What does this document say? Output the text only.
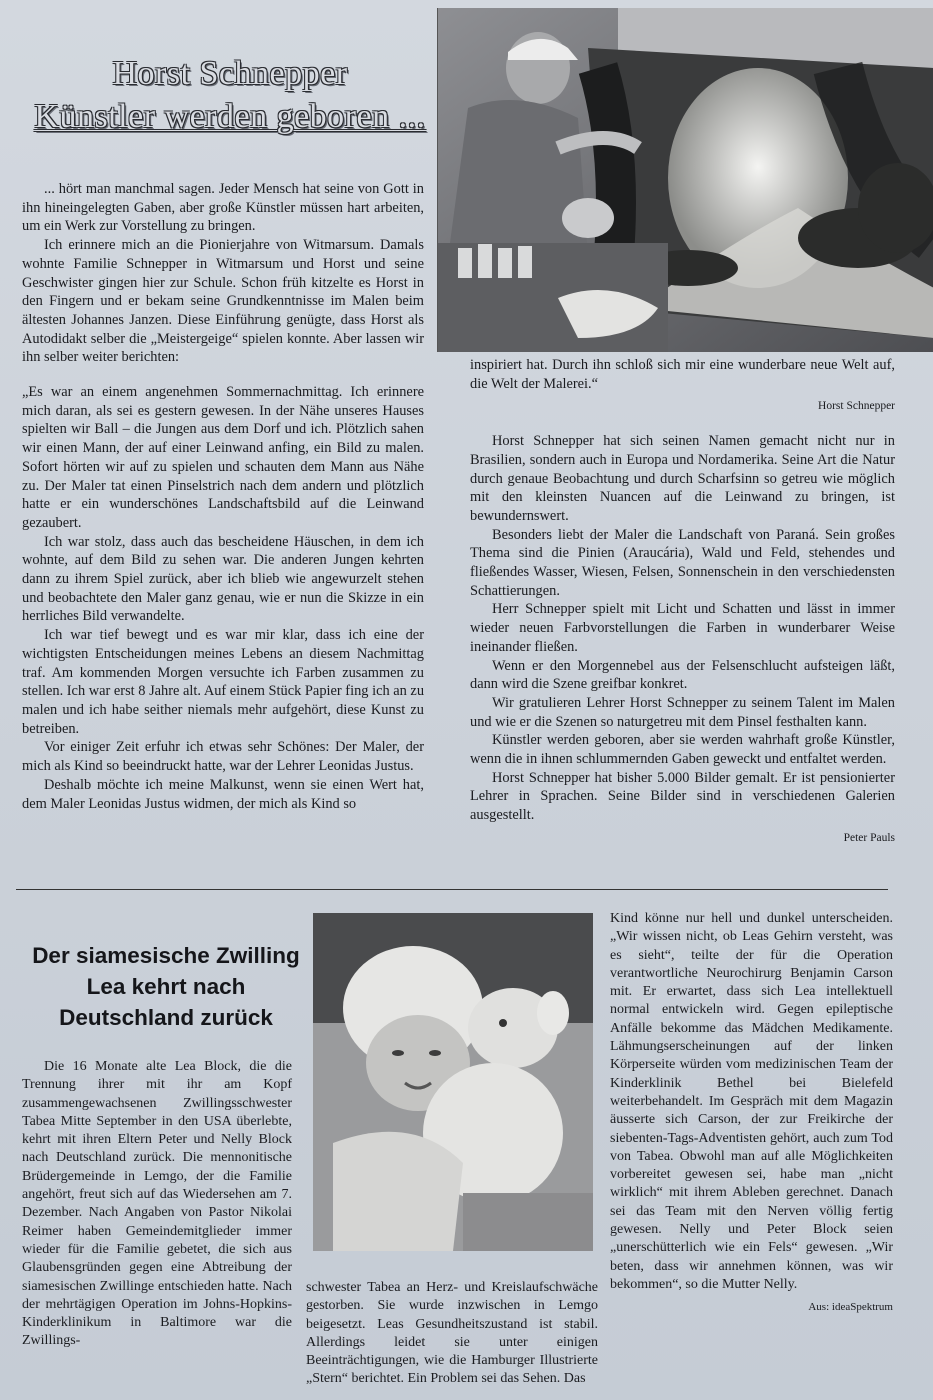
Horst Schnepper
Künstler werden geboren ...

... hört man manchmal sagen. Jeder Mensch hat seine von Gott in ihn hineingelegten Gaben, aber große Künstler müssen hart arbeiten, um ein Werk zur Vorstellung zu bringen.

Ich erinnere mich an die Pionierjahre von Witmarsum. Damals wohnte Familie Schnepper in Witmarsum und Horst und seine Geschwister gingen hier zur Schule. Schon früh kitzelte es Horst in den Fingern und er bekam seine Grundkenntnisse im Malen beim ältesten Johannes Janzen. Diese Einführung genügte, dass Horst als Autodidakt selber die „Meistergeige“ spielen konnte. Aber lassen wir ihn selber weiter berichten:

„Es war an einem angenehmen Sommernachmittag. Ich erinnere mich daran, als sei es gestern gewesen. In der Nähe unseres Hauses spielten wir Ball – die Jungen aus dem Dorf und ich. Plötzlich sahen wir einen Mann, der auf einer Leinwand anfing, ein Bild zu malen. Sofort hörten wir auf zu spielen und schauten dem Mann aus Nähe zu. Der Maler tat einen Pinselstrich nach dem andern und plötzlich hatte er ein wunderschönes Landschaftsbild auf die Leinwand gezaubert.

Ich war stolz, dass auch das bescheidene Häuschen, in dem ich wohnte, auf dem Bild zu sehen war. Die anderen Jungen kehrten dann zu ihrem Spiel zurück, aber ich blieb wie angewurzelt stehen und beobachtete den Maler ganz genau, wie er nun die Skizze in ein herrliches Bild verwandelte.

Ich war tief bewegt und es war mir klar, dass ich eine der wichtigsten Entscheidungen meines Lebens an diesem Nachmittag traf. Am kommenden Morgen versuchte ich Farben zusammen zu stellen. Ich war erst 8 Jahre alt. Auf einem Stück Papier fing ich an zu malen und ich habe seither niemals mehr aufgehört, diese Kunst zu betreiben.

Vor einiger Zeit erfuhr ich etwas sehr Schönes: Der Maler, der mich als Kind so beeindruckt hatte, war der Lehrer Leonidas Justus.

Deshalb möchte ich meine Malkunst, wenn sie einen Wert hat, dem Maler Leonidas Justus widmen, der mich als Kind so

inspiriert hat. Durch ihn schloß sich mir eine wunderbare neue Welt auf, die Welt der Malerei.“

Horst Schnepper

Horst Schnepper hat sich seinen Namen gemacht nicht nur in Brasilien, sondern auch in Europa und Nordamerika. Seine Art die Natur durch genaue Beobachtung und durch Scharfsinn so getreu wie möglich mit den kleinsten Nuancen auf die Leinwand zu bringen, ist bewundernswert.

Besonders liebt der Maler die Landschaft von Paraná. Sein großes Thema sind die Pinien (Araucária), Wald und Feld, stehendes und fließendes Wasser, Wiesen, Felsen, Sonnenschein in den verschiedensten Schattierungen.

Herr Schnepper spielt mit Licht und Schatten und lässt in immer wieder neuen Farbvorstellungen die Farben in wunderbarer Weise ineinander fließen.

Wenn er den Morgennebel aus der Felsenschlucht aufsteigen läßt, dann wird die Szene greifbar konkret.

Wir gratulieren Lehrer Horst Schnepper zu seinem Talent im Malen und wie er die Szenen so naturgetreu mit dem Pinsel festhalten kann.

Künstler werden geboren, aber sie werden wahrhaft große Künstler, wenn die in ihnen schlummernden Gaben geweckt und entfaltet werden.

Horst Schnepper hat bisher 5.000 Bilder gemalt. Er ist pensionierter Lehrer in Sprachen. Seine Bilder sind in verschiedenen Galerien ausgestellt.

Peter Pauls
Der siamesische Zwilling Lea kehrt nach Deutschland zurück

Die 16 Monate alte Lea Block, die die Trennung ihrer mit ihr am Kopf zusammengewachsenen Zwillingsschwester Tabea Mitte September in den USA überlebte, kehrt mit ihren Eltern Peter und Nelly Block nach Deutschland zurück. Die mennonitische Brüdergemeinde in Lemgo, der die Familie angehört, freut sich auf das Wiedersehen am 7. Dezember. Nach Angaben von Pastor Nikolai Reimer haben Gemeindemitglieder immer wieder für die Familie gebetet, die sich aus Glaubensgründen gegen eine Abtreibung der siamesischen Zwillinge entschieden hatte. Nach der mehrtägigen Operation im Johns-Hopkins-Kinderklinikum in Baltimore war die Zwillings-

schwester Tabea an Herz- und Kreislaufschwäche gestorben. Sie wurde inzwischen in Lemgo beigesetzt. Leas Gesundheitszustand ist stabil. Allerdings leidet sie unter einigen Beeinträchtigungen, wie die Hamburger Illustrierte „Stern“ berichtet. Ein Problem sei das Sehen. Das

Kind könne nur hell und dunkel unterscheiden. „Wir wissen nicht, ob Leas Gehirn versteht, was es sieht“, teilte der für die Operation verantwortliche Neurochirurg Benjamin Carson mit. Er erwartet, dass sich Lea intellektuell normal entwickeln wird. Gegen epileptische Anfälle bekomme das Mädchen Medikamente. Lähmungserscheinungen auf der linken Körperseite würden vom medizinischen Team der Kinderklinik Bethel bei Bielefeld weiterbehandelt. Im Gespräch mit dem Magazin äusserte sich Carson, der zur Freikirche der siebenten-Tags-Adventisten gehört, auch zum Tod von Tabea. Obwohl man auf alle Möglichkeiten vorbereitet gewesen sei, habe man „nicht wirklich“ mit ihrem Ableben gerechnet. Danach sei das Team mit den Nerven völlig fertig gewesen. Nelly und Peter Block seien „unerschütterlich wie ein Fels“ gewesen. „Wir beten, dass wir annehmen können, was wir bekommen“, so die Mutter Nelly.

Aus: ideaSpektrum
